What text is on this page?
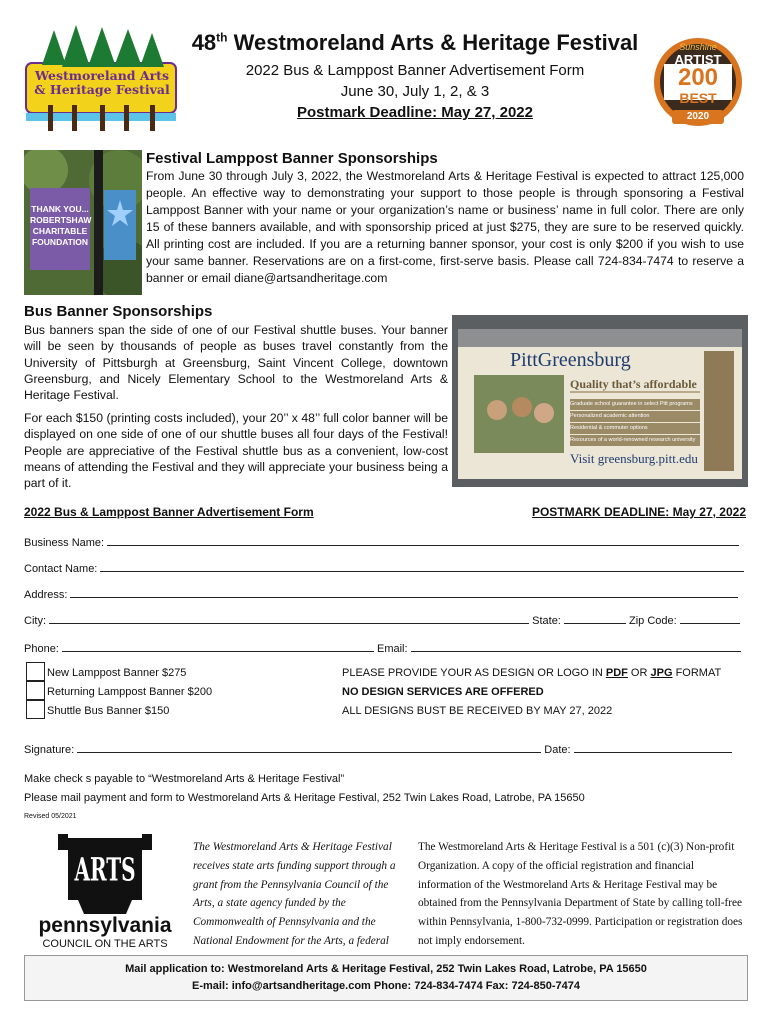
Westmoreland Arts
& Heritage Festival
48th Westmoreland Arts & Heritage Festival
2022 Bus & Lamppost Banner Advertisement Form
June 30, July 1, 2, & 3
Postmark Deadline: May 27, 2022
Sunshine
ARTIST
200
BEST
2020
THANK YOU...
ROBERTSHAW
CHARITABLE
FOUNDATION
Festival Lamppost Banner Sponsorships
From June 30 through July 3, 2022, the Westmoreland Arts & Heritage Festival is expected to attract 125,000 people. An effective way to demonstrating your support to those people is through sponsoring a Festival Lamppost Banner with your name or your organization’s name or business’ name in full color. There are only 15 of these banners available, and with sponsorship priced at just $275, they are sure to be reserved quickly. All printing cost are included. If you are a returning banner sponsor, your cost is only $200 if you wish to use your same banner. Reservations are on a first-come, first-serve basis. Please call 724-834-7474 to reserve a banner or email diane@artsandheritage.com
Bus Banner Sponsorships
Bus banners span the side of one of our Festival shuttle buses. Your banner will be seen by thousands of people as buses travel constantly from the University of Pittsburgh at Greensburg, Saint Vincent College, downtown Greensburg, and Nicely Elementary School to the Westmoreland Arts & Heritage Festival.
For each $150 (printing costs included), your 20’’ x 48’’ full color banner will be displayed on one side of one of our shuttle buses all four days of the Festival! People are appreciative of the Festival shuttle bus as a convenient, low-cost means of attending the Festival and they will appreciate your business being a part of it.
PittGreensburg
Quality that’s affordable
Graduate school guarantee in select Pitt programs
Personalized academic attention
Residential & commuter options
Resources of a world-renowned research university
Visit greensburg.pitt.edu
2022 Bus & Lamppost Banner Advertisement Form	POSTMARK DEADLINE: May 27, 2022
Business Name:
Contact Name:
Address:
City:	State:	Zip Code:
Phone:	Email:
New Lamppost Banner $275
Returning Lamppost Banner $200
Shuttle Bus Banner $150
PLEASE PROVIDE YOUR AS DESIGN OR LOGO IN PDF OR JPG FORMAT
NO DESIGN SERVICES ARE OFFERED
ALL DESIGNS BUST BE RECEIVED BY MAY 27, 2022
Signature:	Date:
Make check s payable to “Westmoreland Arts & Heritage Festival”
Please mail payment and form to Westmoreland Arts & Heritage Festival, 252 Twin Lakes Road, Latrobe, PA 15650
Revised 05/2021
ARTS
pennsylvania
COUNCIL ON THE ARTS
The Westmoreland Arts & Heritage Festival receives state arts funding support through a grant from the Pennsylvania Council of the Arts, a state agency funded by the Commonwealth of Pennsylvania and the National Endowment for the Arts, a federal
The Westmoreland Arts & Heritage Festival is a 501 (c)(3) Non-profit Organization. A copy of the official registration and financial information of the Westmoreland Arts & Heritage Festival may be obtained from the Pennsylvania Department of State by calling toll-free within Pennsylvania, 1-800-732-0999. Participation or registration does not imply endorsement.
Mail application to: Westmoreland Arts & Heritage Festival, 252 Twin Lakes Road, Latrobe, PA 15650
E-mail: info@artsandheritage.com Phone: 724-834-7474 Fax: 724-850-7474
